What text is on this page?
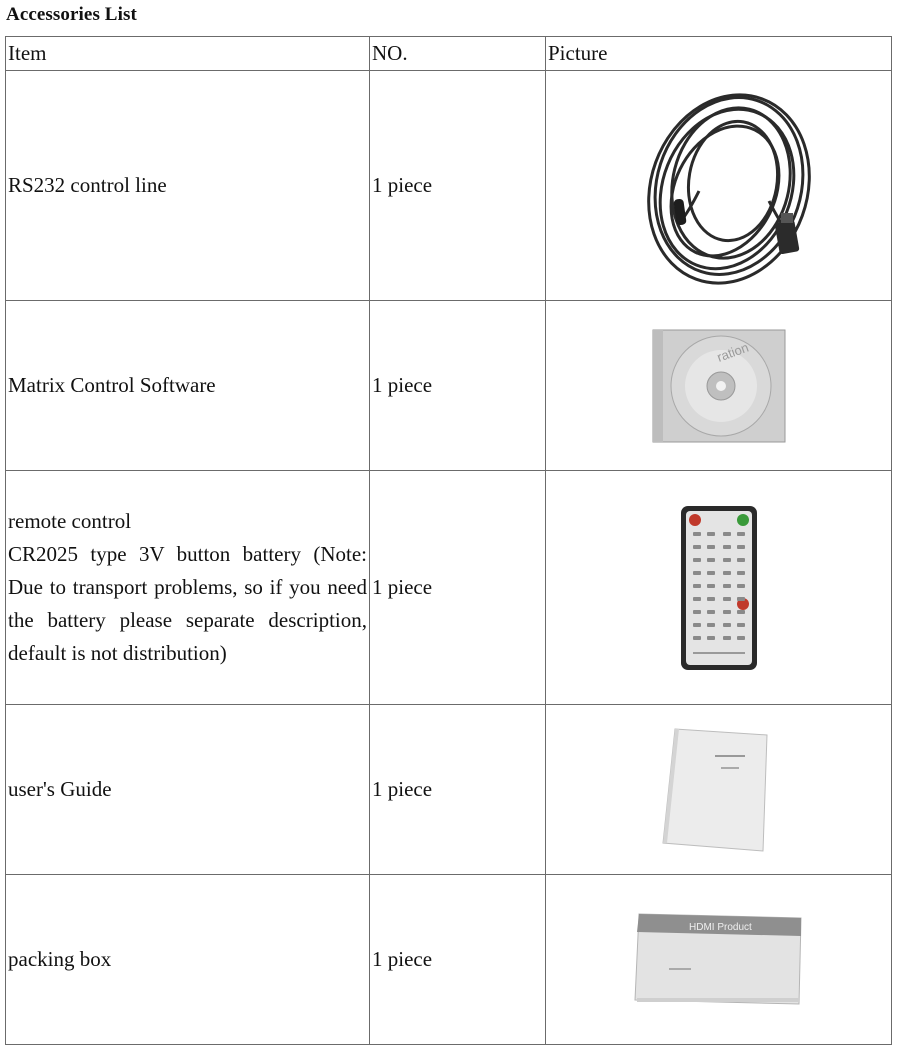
Accessories List
Item	NO.	Picture
RS232 control line	1 piece	

Matrix Control Software	1 piece	ration

remote control
CR2025 type 3V button battery (Note: Due to transport problems, so if you need the battery please separate description, default is not distribution)	1 piece	

user's Guide	1 piece	

packing box	1 piece	HDMI Product
